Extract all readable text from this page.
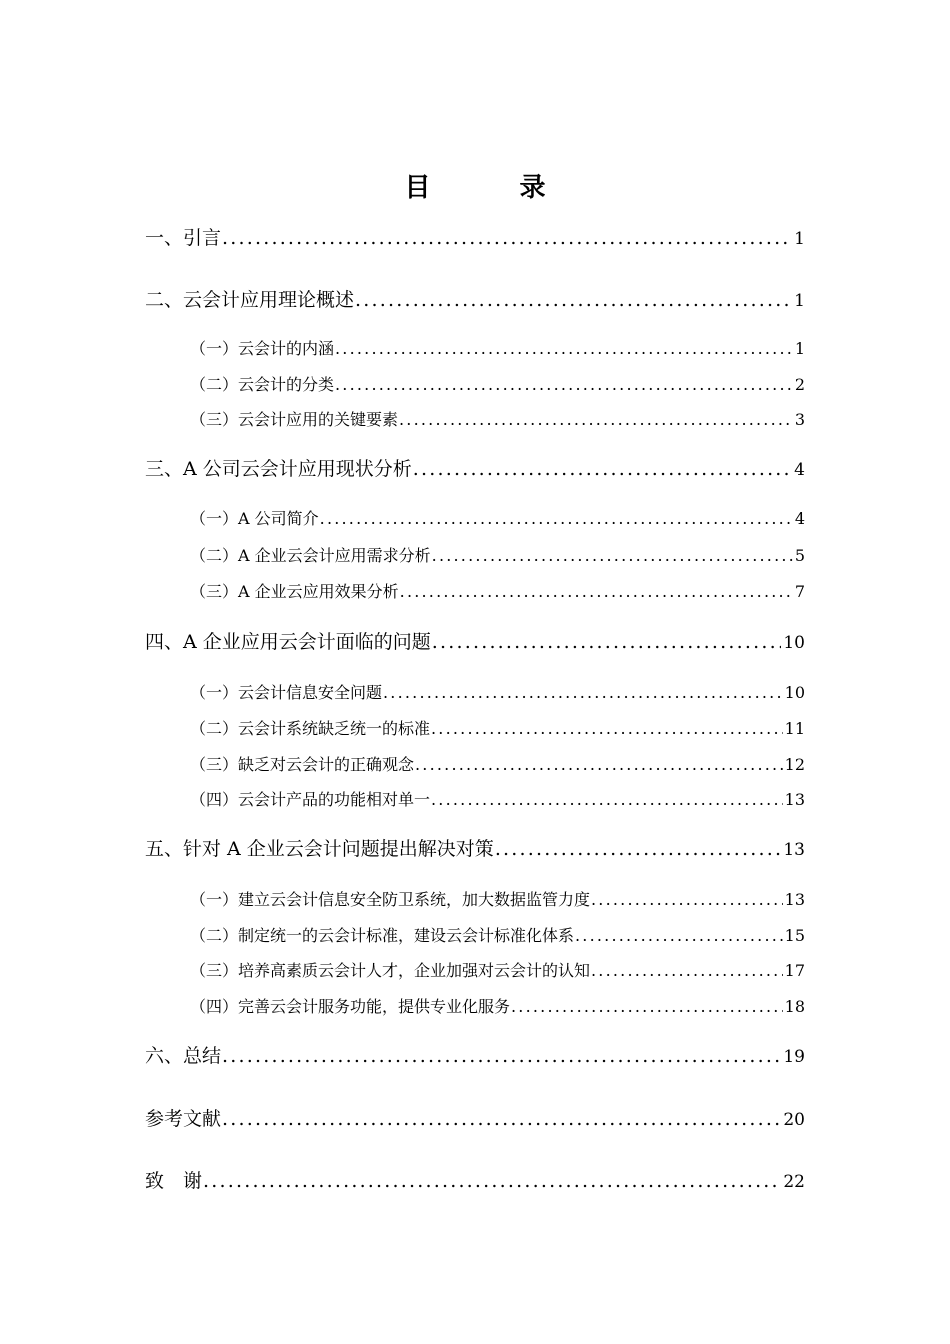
目 录
一、引言 .....	1
二、云会计应用理论概述 .....	1
（一）云会计的内涵 .....	1
（二）云会计的分类 .....	2
（三）云会计应用的关键要素 .....	3
三、A 公司云会计应用现状分析 .....	4
（一）A 公司简介 .....	4
（二）A 企业云会计应用需求分析 .....	5
（三）A 企业云应用效果分析 .....	7
四、A 企业应用云会计面临的问题 .....	10
（一）云会计信息安全问题 .....	10
（二）云会计系统缺乏统一的标准 .....	11
（三）缺乏对云会计的正确观念 .....	12
（四）云会计产品的功能相对单一 .....	13
五、针对 A 企业云会计问题提出解决对策 .....	13
（一）建立云会计信息安全防卫系统，加大数据监管力度 .....	13
（二）制定统一的云会计标准，建设云会计标准化体系 .....	15
（三）培养高素质云会计人才，企业加强对云会计的认知 .....	17
（四）完善云会计服务功能，提供专业化服务 .....	18
六、总结 .....	19
参考文献 .....	20
致　谢 .....	22
